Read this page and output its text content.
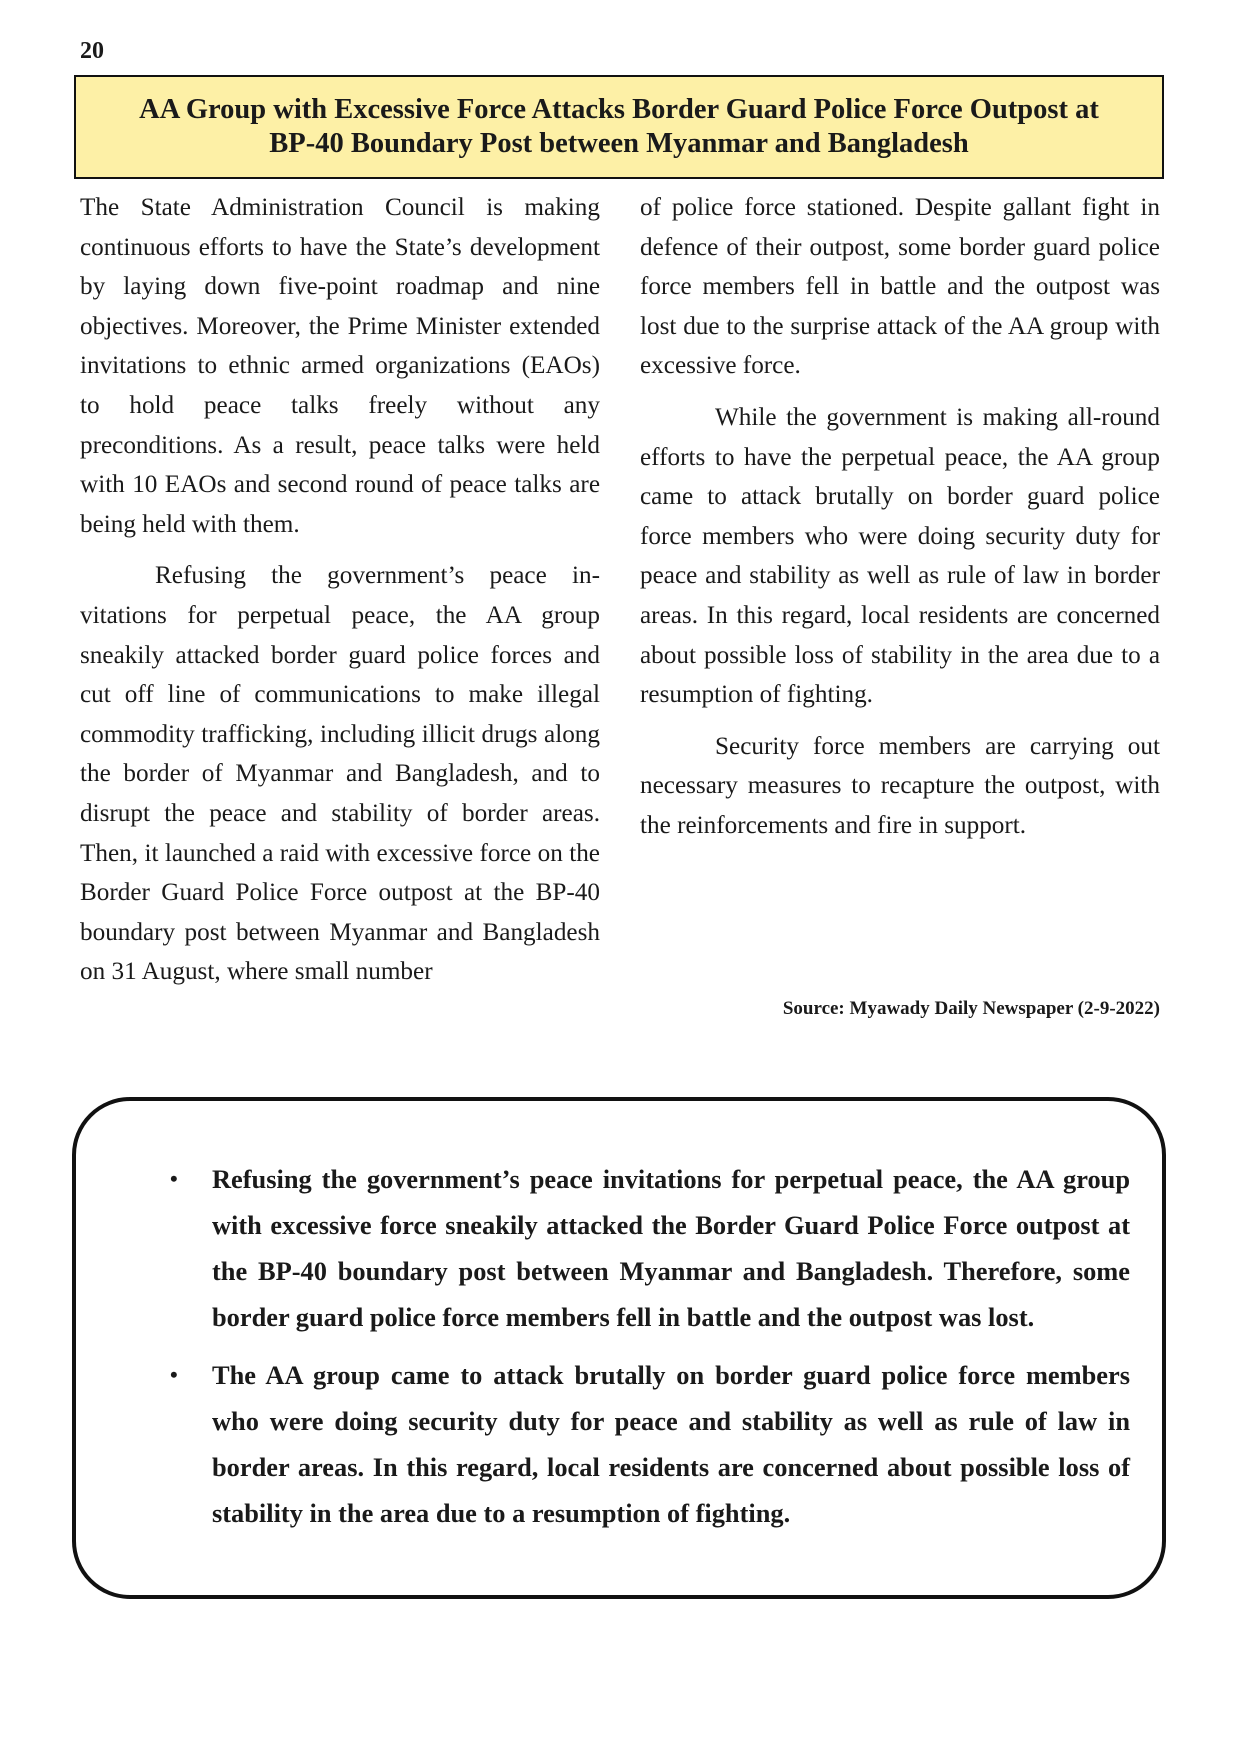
20
AA Group with Excessive Force Attacks Border Guard Police Force Outpost at
BP-40 Boundary Post between Myanmar and Bangladesh

The State Administration Council is making continuous efforts to have the State’s development by laying down five-point roadmap and nine objectives. Moreover, the Prime Minister extended invitations to ethnic armed organizations (EAOs) to hold peace talks freely without any preconditions. As a result, peace talks were held with 10 EAOs and second round of peace talks are being held with them.

Refusing the government’s peace invitations for perpetual peace, the AA group sneakily attacked border guard police forces and cut off line of communications to make illegal commodity trafficking, including illicit drugs along the border of Myanmar and Bangladesh, and to disrupt the peace and stability of border areas. Then, it launched a raid with excessive force on the Border Guard Police Force outpost at the BP-40 boundary post between Myanmar and Bangladesh on 31 August, where small number

of police force stationed. Despite gallant fight in defence of their outpost, some border guard police force members fell in battle and the outpost was lost due to the surprise attack of the AA group with excessive force.

While the government is making all-round efforts to have the perpetual peace, the AA group came to attack brutally on border guard police force members who were doing security duty for peace and stability as well as rule of law in border areas. In this regard, local residents are concerned about possible loss of stability in the area due to a resumption of fighting.

Security force members are carrying out necessary measures to recapture the outpost, with the reinforcements and fire in support.

Source: Myawady Daily Newspaper (2-9-2022)
• Refusing the government’s peace invitations for perpetual peace, the AA group with excessive force sneakily attacked the Border Guard Police Force outpost at the BP-40 boundary post between Myanmar and Bangladesh. Therefore, some border guard police force members fell in battle and the outpost was lost.
• The AA group came to attack brutally on border guard police force members who were doing security duty for peace and stability as well as rule of law in border areas. In this regard, local residents are concerned about possible loss of stability in the area due to a resumption of fighting.
